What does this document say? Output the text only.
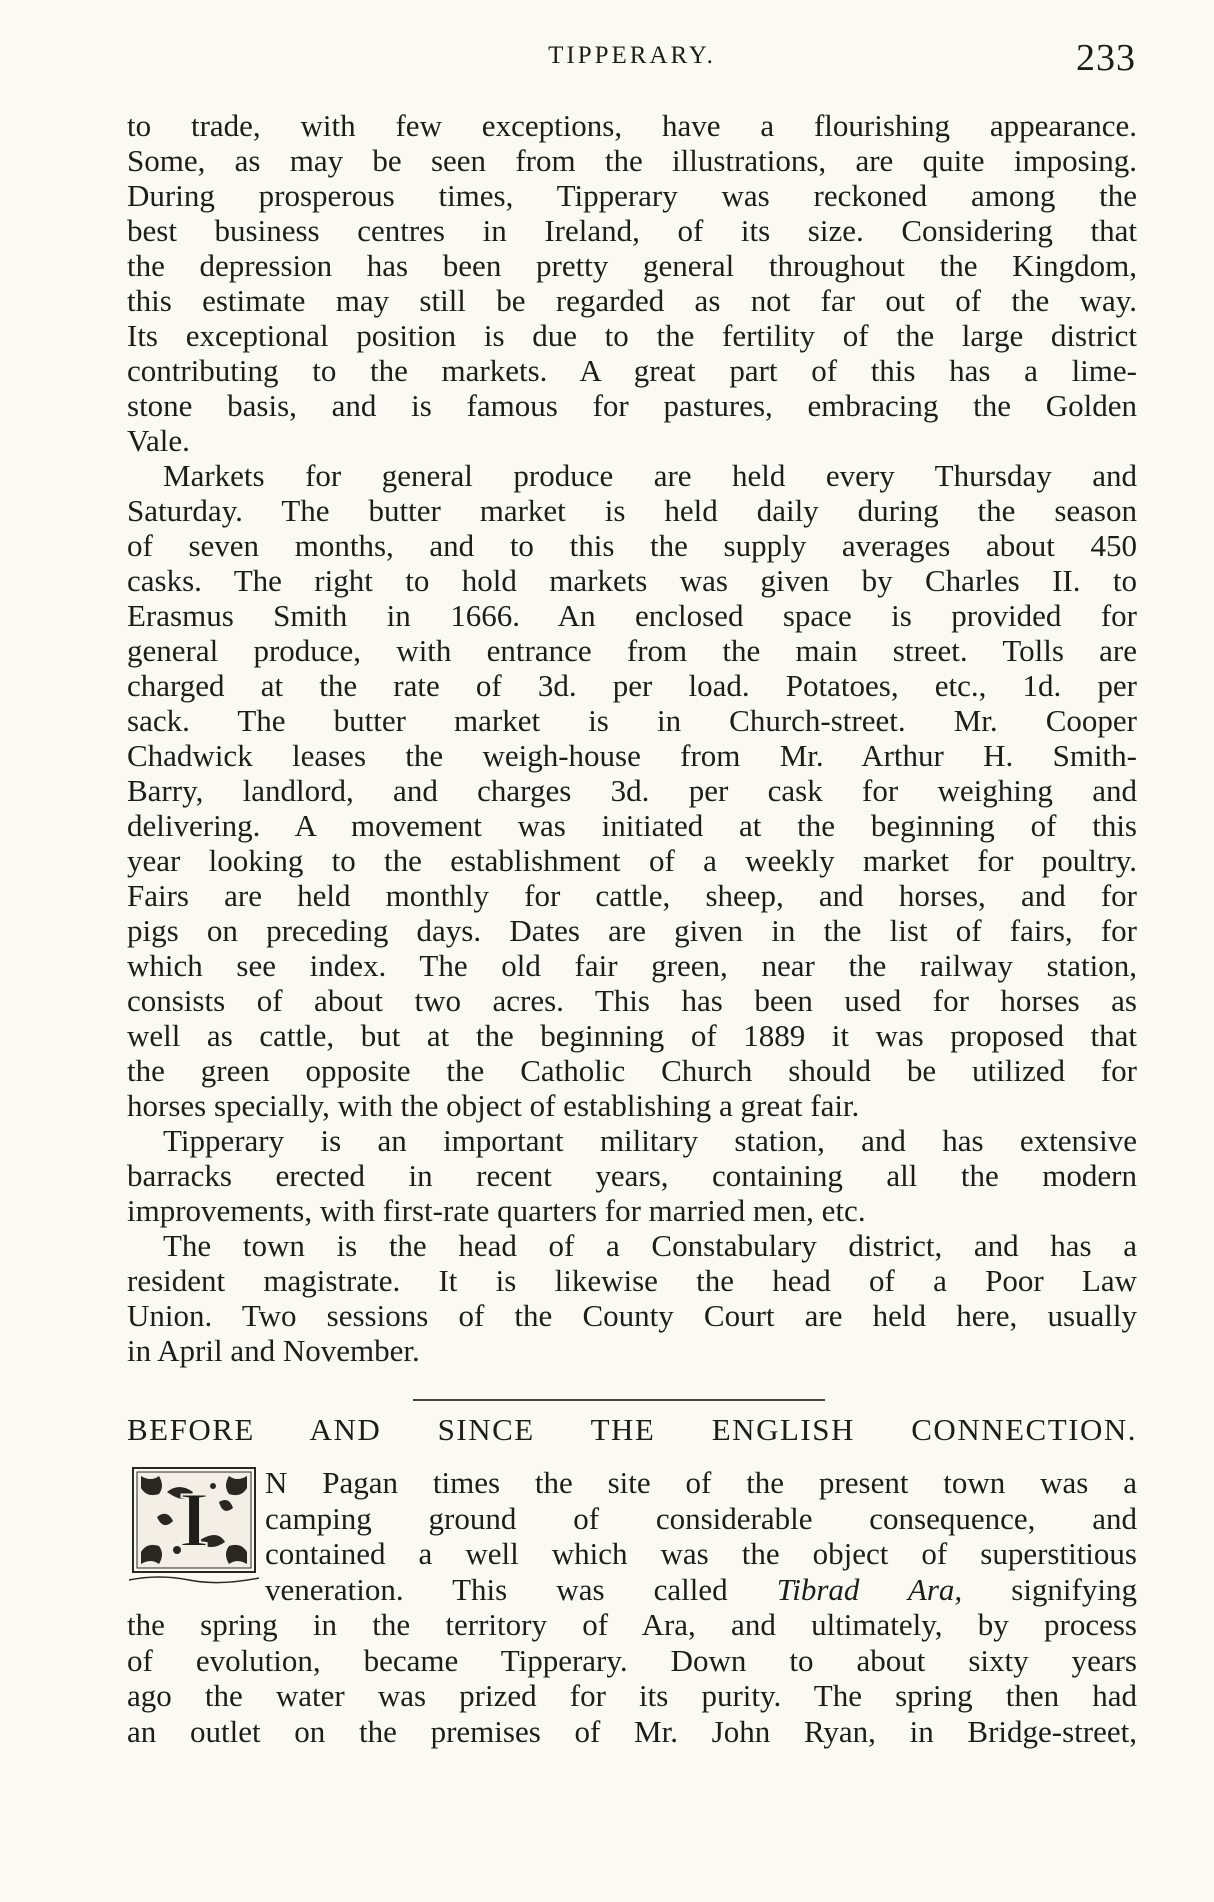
TIPPERARY.	233
to trade, with few exceptions, have a flourishing appearance.
Some, as may be seen from the illustrations, are quite imposing.
During prosperous times, Tipperary was reckoned among the
best business centres in Ireland, of its size. Considering that
the depression has been pretty general throughout the Kingdom,
this estimate may still be regarded as not far out of the way.
Its exceptional position is due to the fertility of the large district
contributing to the markets. A great part of this has a lime-
stone basis, and is famous for pastures, embracing the Golden
Vale.
Markets for general produce are held every Thursday and
Saturday. The butter market is held daily during the season
of seven months, and to this the supply averages about 450
casks. The right to hold markets was given by Charles II. to
Erasmus Smith in 1666. An enclosed space is provided for
general produce, with entrance from the main street. Tolls are
charged at the rate of 3d. per load. Potatoes, etc., 1d. per
sack. The butter market is in Church-street. Mr. Cooper
Chadwick leases the weigh-house from Mr. Arthur H. Smith-
Barry, landlord, and charges 3d. per cask for weighing and
delivering. A movement was initiated at the beginning of this
year looking to the establishment of a weekly market for poultry.
Fairs are held monthly for cattle, sheep, and horses, and for
pigs on preceding days. Dates are given in the list of fairs, for
which see index. The old fair green, near the railway station,
consists of about two acres. This has been used for horses as
well as cattle, but at the beginning of 1889 it was proposed that
the green opposite the Catholic Church should be utilized for
horses specially, with the object of establishing a great fair.
Tipperary is an important military station, and has extensive
barracks erected in recent years, containing all the modern
improvements, with first-rate quarters for married men, etc.
The town is the head of a Constabulary district, and has a
resident magistrate. It is likewise the head of a Poor Law
Union. Two sessions of the County Court are held here, usually
in April and November.
BEFORE AND SINCE THE ENGLISH CONNECTION.
I N Pagan times the site of the present town was a
camping ground of considerable consequence, and
contained a well which was the object of superstitious
veneration. This was called Tibrad Ara, signifying
the spring in the territory of Ara, and ultimately, by process
of evolution, became Tipperary. Down to about sixty years
ago the water was prized for its purity. The spring then had
an outlet on the premises of Mr. John Ryan, in Bridge-street,
